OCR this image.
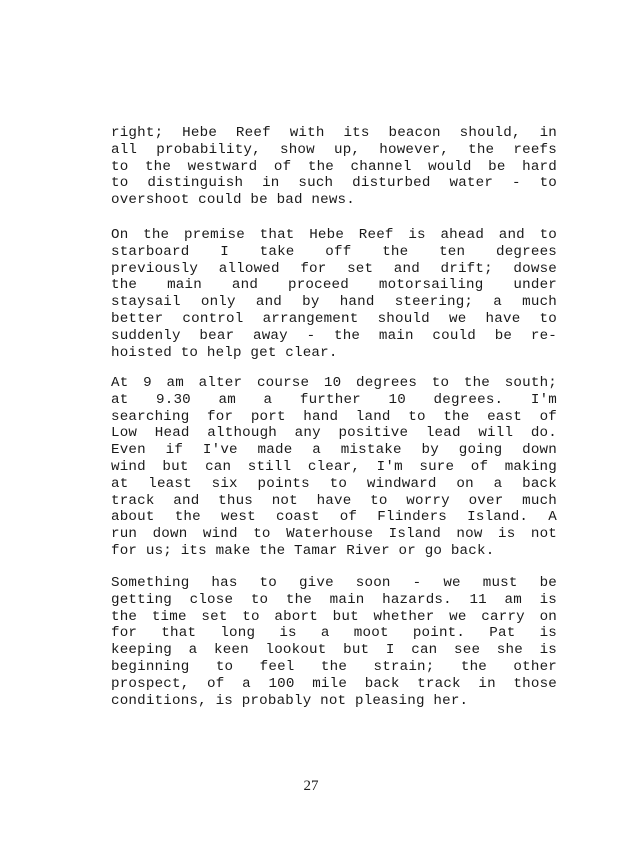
right; Hebe Reef with its beacon should, in
all probability, show up, however, the reefs
to the westward of the channel would be hard
to distinguish in such disturbed water - to
overshoot could be bad news.
On the premise that Hebe Reef is ahead and to
starboard I take off the ten degrees
previously allowed for set and drift; dowse
the main and proceed motorsailing under
staysail only and by hand steering; a much
better control arrangement should we have to
suddenly bear away - the main could be re-
hoisted to help get clear.
At 9 am alter course 10 degrees to the south;
at 9.30 am a further 10 degrees. I'm
searching for port hand land to the east of
Low Head although any positive lead will do.
Even if I've made a mistake by going down
wind but can still clear, I'm sure of making
at least six points to windward on a back
track and thus not have to worry over much
about the west coast of Flinders Island. A
run down wind to Waterhouse Island now is not
for us; its make the Tamar River or go back.
Something has to give soon - we must be
getting close to the main hazards. 11 am is
the time set to abort but whether we carry on
for that long is a moot point. Pat is
keeping a keen lookout but I can see she is
beginning to feel the strain; the other
prospect, of a 100 mile back track in those
conditions, is probably not pleasing her.
27
